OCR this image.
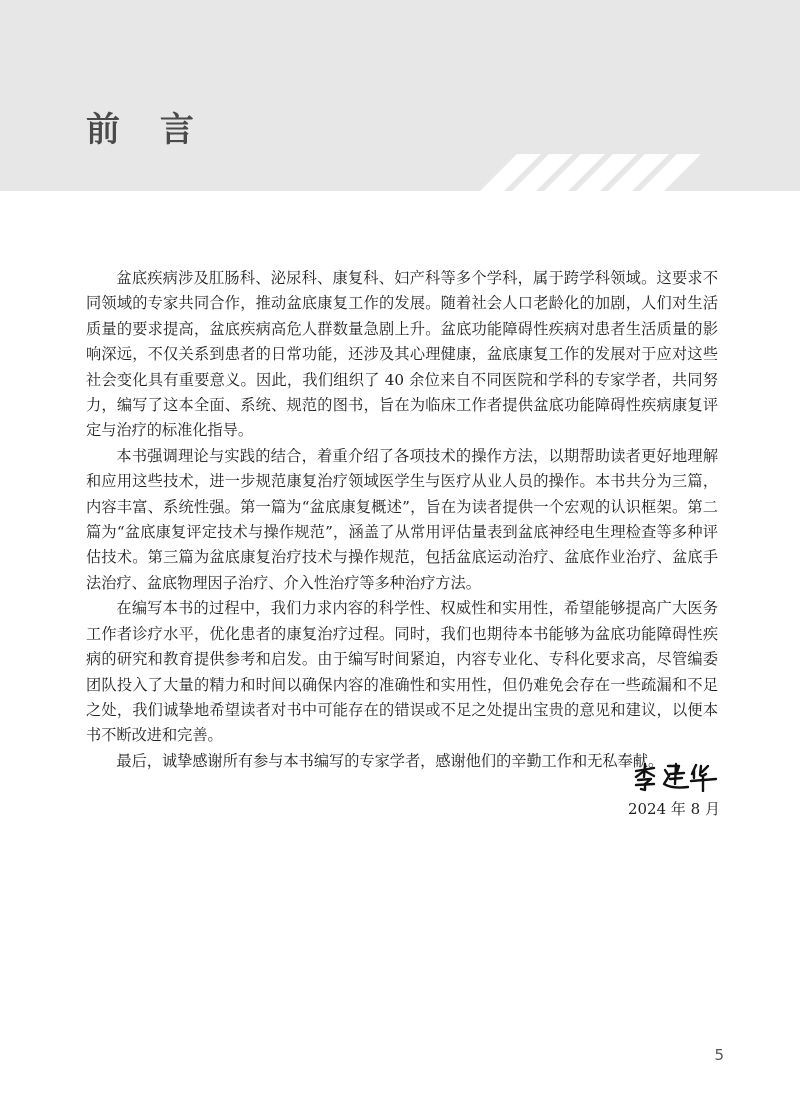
前 言

盆底疾病涉及肛肠科、泌尿科、康复科、妇产科等多个学科，属于跨学科领域。这要求不同领域的专家共同合作，推动盆底康复工作的发展。随着社会人口老龄化的加剧，人们对生活质量的要求提高，盆底疾病高危人群数量急剧上升。盆底功能障碍性疾病对患者生活质量的影响深远，不仅关系到患者的日常功能，还涉及其心理健康，盆底康复工作的发展对于应对这些社会变化具有重要意义。因此，我们组织了 40 余位来自不同医院和学科的专家学者，共同努力，编写了这本全面、系统、规范的图书，旨在为临床工作者提供盆底功能障碍性疾病康复评定与治疗的标准化指导。

本书强调理论与实践的结合，着重介绍了各项技术的操作方法，以期帮助读者更好地理解和应用这些技术，进一步规范康复治疗领域医学生与医疗从业人员的操作。本书共分为三篇，内容丰富、系统性强。第一篇为“盆底康复概述”，旨在为读者提供一个宏观的认识框架。第二篇为“盆底康复评定技术与操作规范”，涵盖了从常用评估量表到盆底神经电生理检查等多种评估技术。第三篇为盆底康复治疗技术与操作规范，包括盆底运动治疗、盆底作业治疗、盆底手法治疗、盆底物理因子治疗、介入性治疗等多种治疗方法。

在编写本书的过程中，我们力求内容的科学性、权威性和实用性，希望能够提高广大医务工作者诊疗水平，优化患者的康复治疗过程。同时，我们也期待本书能够为盆底功能障碍性疾病的研究和教育提供参考和启发。由于编写时间紧迫，内容专业化、专科化要求高，尽管编委团队投入了大量的精力和时间以确保内容的准确性和实用性，但仍难免会存在一些疏漏和不足之处，我们诚挚地希望读者对书中可能存在的错误或不足之处提出宝贵的意见和建议，以便本书不断改进和完善。

最后，诚挚感谢所有参与本书编写的专家学者，感谢他们的辛勤工作和无私奉献。

2024 年 8 月
5
